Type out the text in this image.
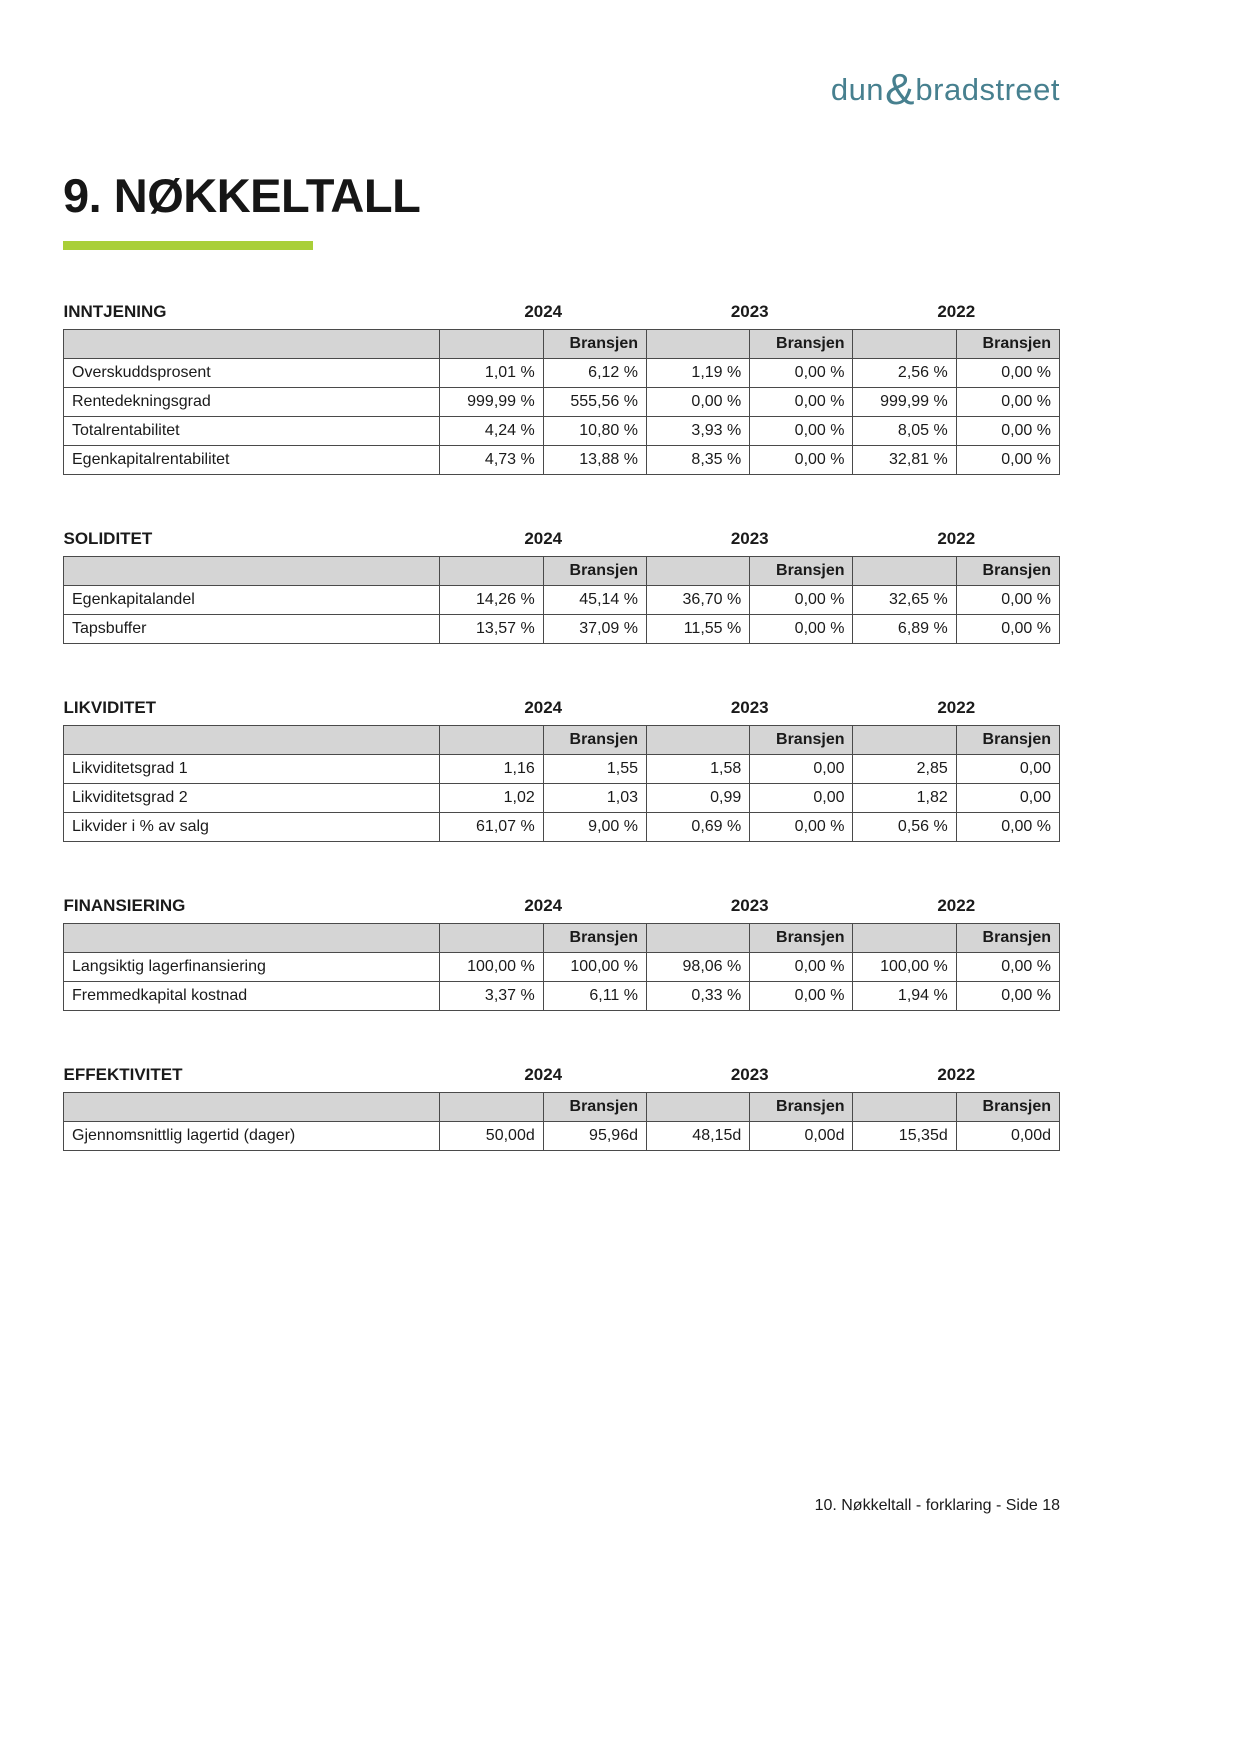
dun&bradstreet
9. NØKKELTALL
INNTJENING	2024		2023		2022	
		Bransjen		Bransjen		Bransjen
Overskuddsprosent	1,01 %	6,12 %	1,19 %	0,00 %	2,56 %	0,00 %
Rentedekningsgrad	999,99 %	555,56 %	0,00 %	0,00 %	999,99 %	0,00 %
Totalrentabilitet	4,24 %	10,80 %	3,93 %	0,00 %	8,05 %	0,00 %
Egenkapitalrentabilitet	4,73 %	13,88 %	8,35 %	0,00 %	32,81 %	0,00 %
SOLIDITET	2024		2023		2022	
		Bransjen		Bransjen		Bransjen
Egenkapitalandel	14,26 %	45,14 %	36,70 %	0,00 %	32,65 %	0,00 %
Tapsbuffer	13,57 %	37,09 %	11,55 %	0,00 %	6,89 %	0,00 %
LIKVIDITET	2024		2023		2022	
		Bransjen		Bransjen		Bransjen
Likviditetsgrad 1	1,16	1,55	1,58	0,00	2,85	0,00
Likviditetsgrad 2	1,02	1,03	0,99	0,00	1,82	0,00
Likvider i % av salg	61,07 %	9,00 %	0,69 %	0,00 %	0,56 %	0,00 %
FINANSIERING	2024		2023		2022	
		Bransjen		Bransjen		Bransjen
Langsiktig lagerfinansiering	100,00 %	100,00 %	98,06 %	0,00 %	100,00 %	0,00 %
Fremmedkapital kostnad	3,37 %	6,11 %	0,33 %	0,00 %	1,94 %	0,00 %
EFFEKTIVITET	2024		2023		2022	
		Bransjen		Bransjen		Bransjen
Gjennomsnittlig lagertid (dager)	50,00d	95,96d	48,15d	0,00d	15,35d	0,00d
10. Nøkkeltall - forklaring - Side 18
